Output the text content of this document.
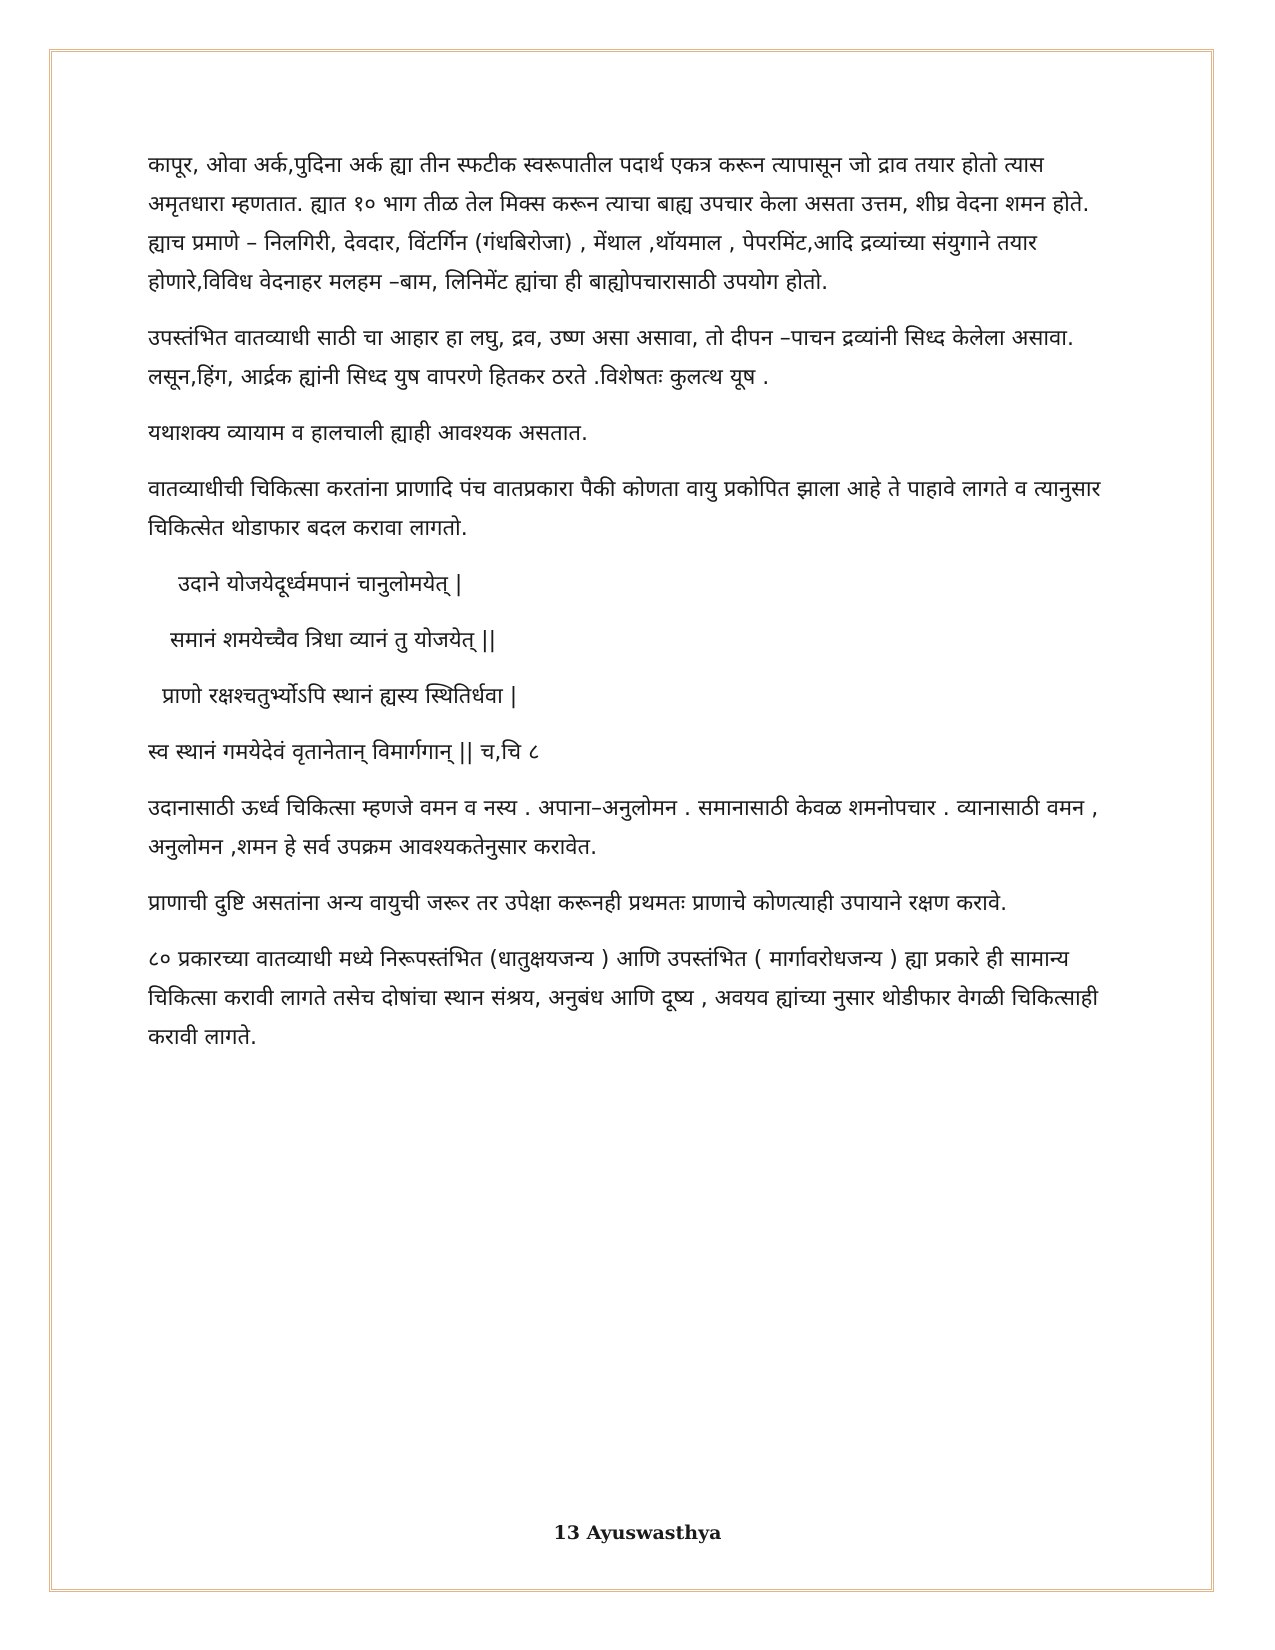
कापूर, ओवा अर्क,पुदिना अर्क ह्या तीन स्फटीक स्वरूपातील पदार्थ एकत्र करून त्यापासून जो द्राव तयार होतो त्यास अमृतधारा म्हणतात. ह्यात १० भाग तीळ तेल मिक्स करून त्याचा बाह्य उपचार केला असता उत्तम, शीघ्र वेदना शमन होते. ह्याच प्रमाणे – निलगिरी, देवदार, विंटर्गिन (गंधबिरोजा) , मेंथाल ,थॉयमाल , पेपरमिंट,आदि द्रव्यांच्या संयुगाने तयार होणारे,विविध वेदनाहर मलहम –बाम, लिनिमेंट ह्यांचा ही बाह्योपचारासाठी उपयोग होतो.

उपस्तंभित वातव्याधी साठी चा आहार हा लघु, द्रव, उष्ण असा असावा, तो दीपन –पाचन द्रव्यांनी सिध्द केलेला असावा. लसून,हिंग, आर्द्रक ह्यांनी सिध्द युष वापरणे हितकर ठरते .विशेषतः कुलत्थ यूष .

यथाशक्य व्यायाम व हालचाली ह्याही आवश्यक असतात.

वातव्याधीची चिकित्सा करतांना प्राणादि पंच वातप्रकारा पैकी कोणता वायु प्रकोपित झाला आहे ते पाहावे लागते व त्यानुसार चिकित्सेत थोडाफार बदल करावा लागतो.

उदाने योजयेदूर्ध्वमपानं चानुलोमयेत् |

समानं शमयेच्चैव त्रिधा व्यानं तु योजयेत् ||

प्राणो रक्षश्चतुर्भ्योऽपि स्थानं ह्यस्य स्थितिर्धवा |

स्व स्थानं गमयेदेवं वृतानेतान् विमार्गगान् || च,चि ८

उदानासाठी ऊर्ध्व चिकित्सा म्हणजे वमन व नस्य . अपाना–अनुलोमन . समानासाठी केवळ शमनोपचार . व्यानासाठी वमन , अनुलोमन ,शमन हे सर्व उपक्रम आवश्यकतेनुसार करावेत.

प्राणाची दुष्टि असतांना अन्य वायुची जरूर तर उपेक्षा करूनही प्रथमतः प्राणाचे कोणत्याही उपायाने रक्षण करावे.

८० प्रकारच्या वातव्याधी मध्ये निरूपस्तंभित (धातुक्षयजन्य ) आणि उपस्तंभित ( मार्गावरोधजन्य ) ह्या प्रकारे ही सामान्य चिकित्सा करावी लागते तसेच दोषांचा स्थान संश्रय, अनुबंध आणि दूष्य , अवयव ह्यांच्या नुसार थोडीफार वेगळी चिकित्साही करावी लागते.

13 Ayuswasthya
